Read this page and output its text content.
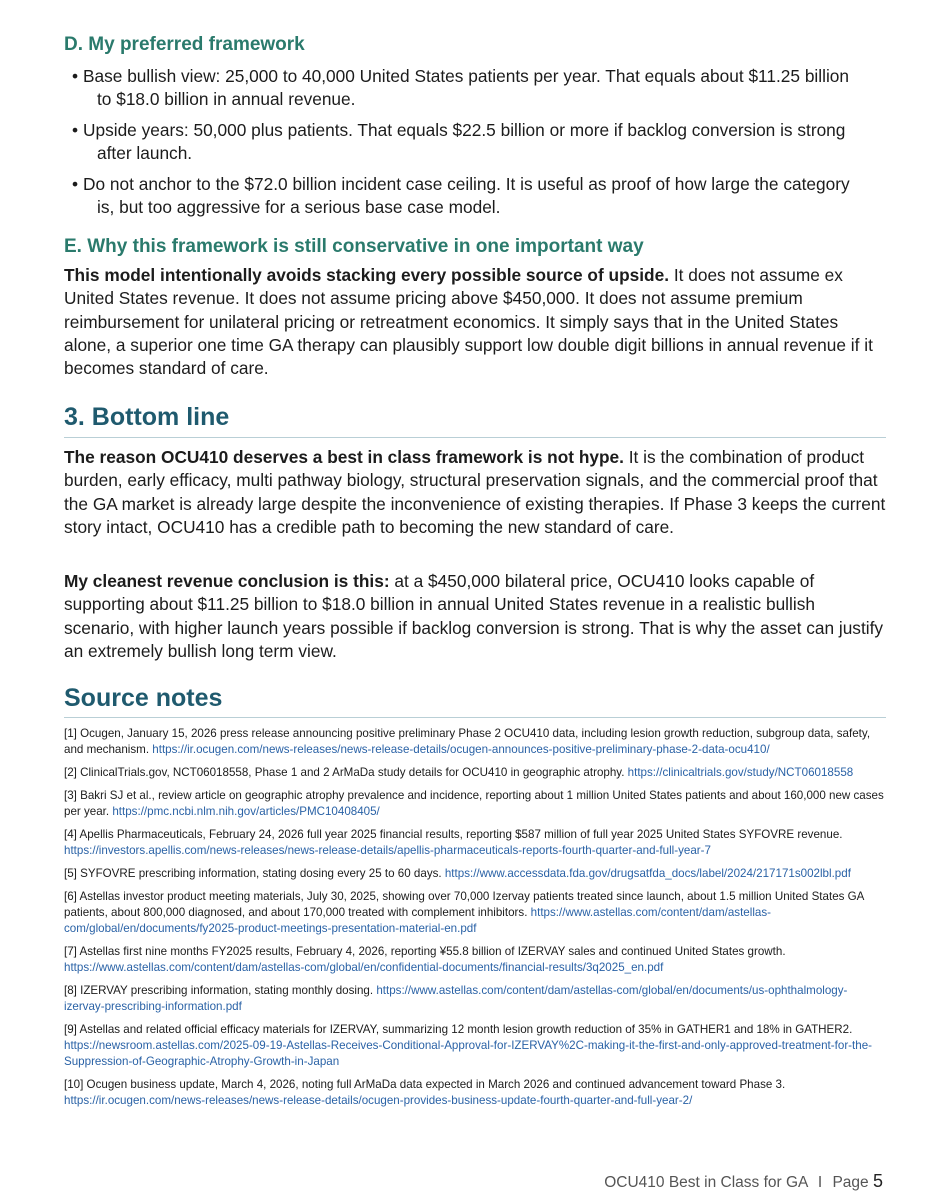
D. My preferred framework
• Base bullish view: 25,000 to 40,000 United States patients per year. That equals about $11.25 billion
to $18.0 billion in annual revenue.
• Upside years: 50,000 plus patients. That equals $22.5 billion or more if backlog conversion is strong
after launch.
• Do not anchor to the $72.0 billion incident case ceiling. It is useful as proof of how large the category
is, but too aggressive for a serious base case model.
E. Why this framework is still conservative in one important way

This model intentionally avoids stacking every possible source of upside. It does not assume ex United States revenue. It does not assume pricing above $450,000. It does not assume premium reimbursement for unilateral pricing or retreatment economics. It simply says that in the United States alone, a superior one time GA therapy can plausibly support low double digit billions in annual revenue if it becomes standard of care.

3. Bottom line

The reason OCU410 deserves a best in class framework is not hype. It is the combination of product burden, early efficacy, multi pathway biology, structural preservation signals, and the commercial proof that the GA market is already large despite the inconvenience of existing therapies. If Phase 3 keeps the current story intact, OCU410 has a credible path to becoming the new standard of care.

My cleanest revenue conclusion is this: at a $450,000 bilateral price, OCU410 looks capable of supporting about $11.25 billion to $18.0 billion in annual United States revenue in a realistic bullish scenario, with higher launch years possible if backlog conversion is strong. That is why the asset can justify an extremely bullish long term view.

Source notes
[1] Ocugen, January 15, 2026 press release announcing positive preliminary Phase 2 OCU410 data, including lesion growth reduction, subgroup data, safety, and mechanism. https://ir.ocugen.com/news-releases/news-release-details/ocugen-announces-positive-preliminary-phase-2-data-ocu410/
[2] ClinicalTrials.gov, NCT06018558, Phase 1 and 2 ArMaDa study details for OCU410 in geographic atrophy. https://clinicaltrials.gov/study/NCT06018558
[3] Bakri SJ et al., review article on geographic atrophy prevalence and incidence, reporting about 1 million United States patients and about 160,000 new cases per year. https://pmc.ncbi.nlm.nih.gov/articles/PMC10408405/
[4] Apellis Pharmaceuticals, February 24, 2026 full year 2025 financial results, reporting $587 million of full year 2025 United States SYFOVRE revenue. https://investors.apellis.com/news-releases/news-release-details/apellis-pharmaceuticals-reports-fourth-quarter-and-full-year-7
[5] SYFOVRE prescribing information, stating dosing every 25 to 60 days. https://www.accessdata.fda.gov/drugsatfda_docs/label/2024/217171s002lbl.pdf
[6] Astellas investor product meeting materials, July 30, 2025, showing over 70,000 Izervay patients treated since launch, about 1.5 million United States GA patients, about 800,000 diagnosed, and about 170,000 treated with complement inhibitors. https://www.astellas.com/content/dam/astellas-com/global/en/documents/fy2025-product-meetings-presentation-material-en.pdf
[7] Astellas first nine months FY2025 results, February 4, 2026, reporting ¥55.8 billion of IZERVAY sales and continued United States growth. https://www.astellas.com/content/dam/astellas-com/global/en/confidential-documents/financial-results/3q2025_en.pdf
[8] IZERVAY prescribing information, stating monthly dosing. https://www.astellas.com/content/dam/astellas-com/global/en/documents/us-ophthalmology-izervay-prescribing-information.pdf
[9] Astellas and related official efficacy materials for IZERVAY, summarizing 12 month lesion growth reduction of 35% in GATHER1 and 18% in GATHER2. https://newsroom.astellas.com/2025-09-19-Astellas-Receives-Conditional-Approval-for-IZERVAY%2C-making-it-the-first-and-only-approved-treatment-for-the-Suppression-of-Geographic-Atrophy-Growth-in-Japan
[10] Ocugen business update, March 4, 2026, noting full ArMaDa data expected in March 2026 and continued advancement toward Phase 3. https://ir.ocugen.com/news-releases/news-release-details/ocugen-provides-business-update-fourth-quarter-and-full-year-2/
OCU410 Best in Class for GA I Page 5
